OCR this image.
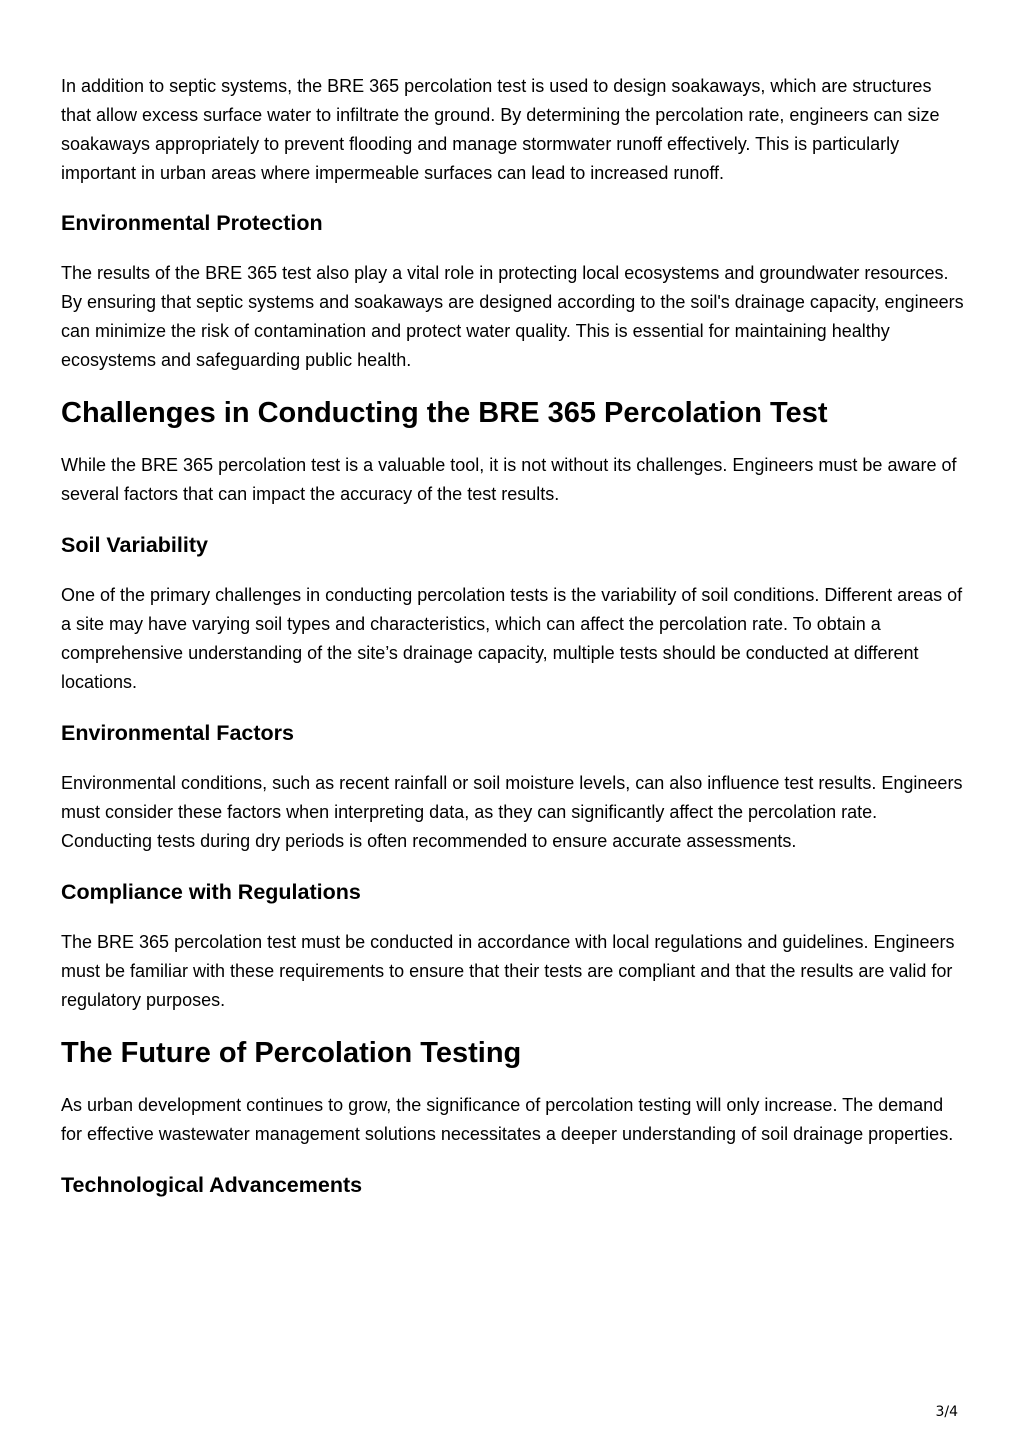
In addition to septic systems, the BRE 365 percolation test is used to design soakaways, which are structures that allow excess surface water to infiltrate the ground. By determining the percolation rate, engineers can size soakaways appropriately to prevent flooding and manage stormwater runoff effectively. This is particularly important in urban areas where impermeable surfaces can lead to increased runoff.

Environmental Protection

The results of the BRE 365 test also play a vital role in protecting local ecosystems and groundwater resources. By ensuring that septic systems and soakaways are designed according to the soil's drainage capacity, engineers can minimize the risk of contamination and protect water quality. This is essential for maintaining healthy ecosystems and safeguarding public health.

Challenges in Conducting the BRE 365 Percolation Test

While the BRE 365 percolation test is a valuable tool, it is not without its challenges. Engineers must be aware of several factors that can impact the accuracy of the test results.

Soil Variability

One of the primary challenges in conducting percolation tests is the variability of soil conditions. Different areas of a site may have varying soil types and characteristics, which can affect the percolation rate. To obtain a comprehensive understanding of the site’s drainage capacity, multiple tests should be conducted at different locations.

Environmental Factors

Environmental conditions, such as recent rainfall or soil moisture levels, can also influence test results. Engineers must consider these factors when interpreting data, as they can significantly affect the percolation rate. Conducting tests during dry periods is often recommended to ensure accurate assessments.

Compliance with Regulations

The BRE 365 percolation test must be conducted in accordance with local regulations and guidelines. Engineers must be familiar with these requirements to ensure that their tests are compliant and that the results are valid for regulatory purposes.

The Future of Percolation Testing

As urban development continues to grow, the significance of percolation testing will only increase. The demand for effective wastewater management solutions necessitates a deeper understanding of soil drainage properties.

Technological Advancements
3/4
